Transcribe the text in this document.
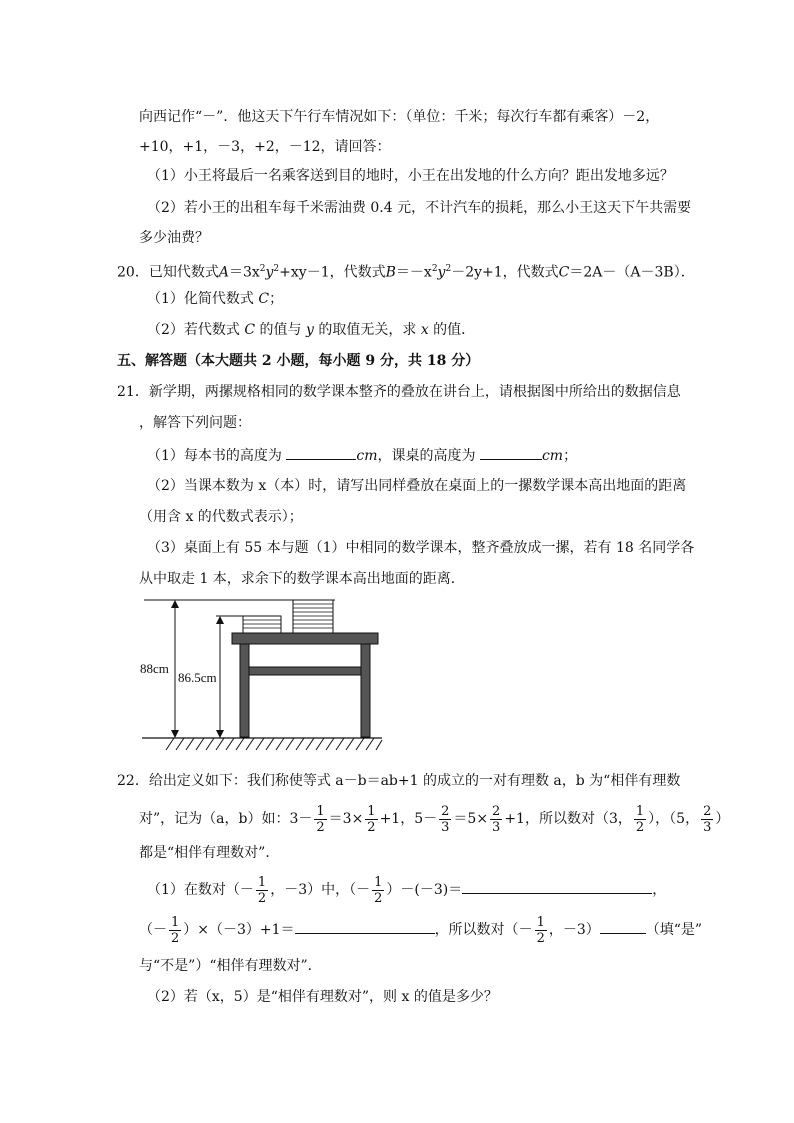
向西记作“－”．他这天下午行车情况如下：（单位：千米；每次行车都有乘客）－2，
+10，+1，－3，+2，－12，请回答：
（1）小王将最后一名乘客送到目的地时，小王在出发地的什么方向？距出发地多远？
（2）若小王的出租车每千米需油费 0.4 元，不计汽车的损耗，那么小王这天下午共需要
多少油费？
20．已知代数式$A=3x^2y^2+xy-1$，代数式$B=-x^2y^2-2y+1$，代数式C＝2A－（A－3B）．
（1）化简代数式 C；
（2）若代数式 C 的值与 y 的取值无关，求 x 的值．
五、解答题（本大题共 2 小题，每小题 9 分，共 18 分）
21．新学期，两摞规格相同的数学课本整齐的叠放在讲台上，请根据图中所给出的数据信息
，解答下列问题：
（1）每本书的高度为	cm，课桌的高度为	cm；
（2）当课本数为 x（本）时，请写出同样叠放在桌面上的一摞数学课本高出地面的距离
（用含 x 的代数式表示）；
（3）桌面上有 55 本与题（1）中相同的数学课本，整齐叠放成一摞，若有 18 名同学各
从中取走 1 本，求余下的数学课本高出地面的距离．
88cm
86.5cm
22．给出定义如下：我们称使等式 a－b＝ab+1 的成立的一对有理数 a，b 为“相伴有理数
对”，记为（a，b）如：$3- \frac{1}{2} =3\times \frac{1}{2} +1$，$5- \frac{2}{3} =5\times \frac{2}{3} +1$，所以数对（3， $\frac{1}{2}$ ），（5， $\frac{2}{3}$ ）
都是“相伴有理数对”．
（1）在数对（－ $\frac{1}{2}$ ，－3）中，（－ $\frac{1}{2} )-(-3)=$	，
（－ $\frac{1}{2} )\times(-3)+1=$	，所以数对（－ $\frac{1}{2}$ ，－3）	（填“是”
与“不是”）“相伴有理数对”．
（2）若（x，5）是“相伴有理数对”，则 x 的值是多少？
